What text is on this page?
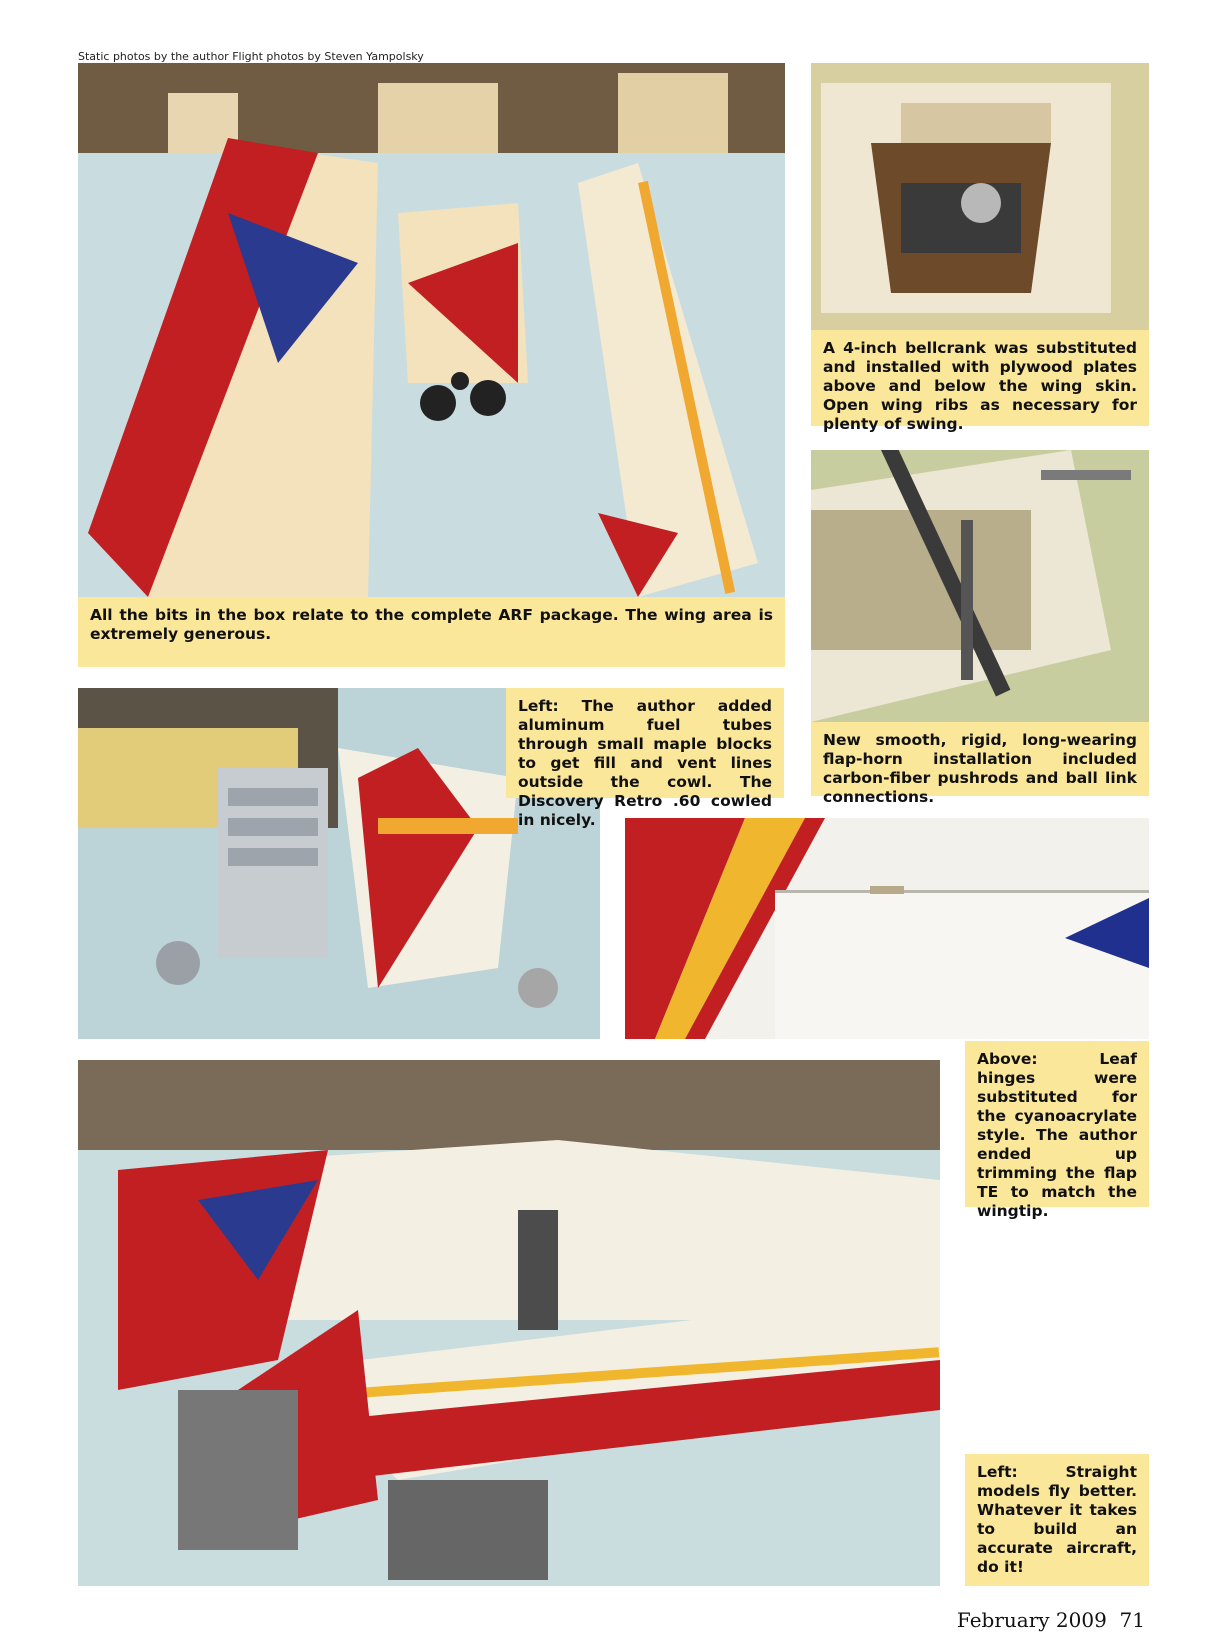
Static photos by the author Flight photos by Steven Yampolsky
All the bits in the box relate to the complete ARF package. The wing area is extremely generous.
A 4-inch bellcrank was substituted and installed with plywood plates above and below the wing skin. Open wing ribs as necessary for plenty of swing.
New smooth, rigid, long-wearing flap-horn installation included carbon-fiber pushrods and ball link connections.
Left: The author added aluminum fuel tubes through small maple blocks to get fill and vent lines outside the cowl. The Discovery Retro .60 cowled in nicely.
Above: Leaf hinges were substituted for the cyanoacrylate style. The author ended up trimming the flap TE to match the wingtip.
Left: Straight models fly better. Whatever it takes to build an accurate aircraft, do it!
February 2009 71
